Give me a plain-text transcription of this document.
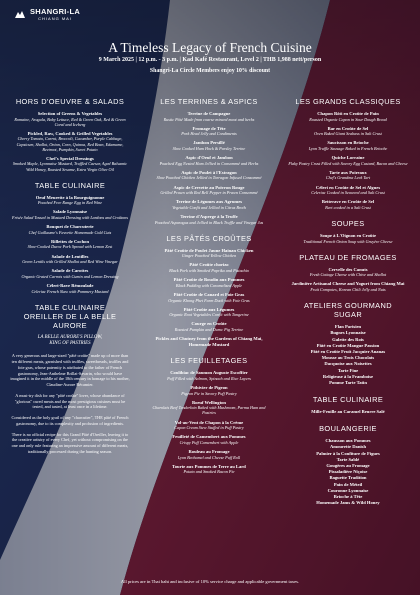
SHANGRI-LA
CHIANG MAI
A Timeless Legacy of French Cuisine
9 March 2025 | 12 p.m. - 3 p.m. | Kad Kafé Restaurant, Level 2 | THB 1,988 nett/person
Shangri-La Circle Members enjoy 10% discount
HORS D'OEUVRE & SALADS
Selection of Greens & Vegetables
Romaine, Arugula, Baby Lettuce, Red & Green Oak, Red & Green Coral and Iceberg
Pickled, Raw, Cooked & Grilled Vegetables
Cherry Tomato, Carrot, Broccoli, Cucumber, Purple Cabbage, Capsicum, Shallot, Onion, Corn, Quinoa, Red Bean, Edamame, Beetroot, Pumpkin, Sweet Potato
Chef's Special Dressings
Smoked Maple, Lyonnaise Mustard, Truffled Caesar, Aged Balsamic Wild Honey, Roasted Sesame, Extra Virgin Olive Oil
TABLE CULINAIRE
Oeuf Meurette à la Bourguignonne
Poached Free Range Egg in Red Wine
Salade Lyonnaise
Frisée Salad Tossed in Mustard Dressing with Lardons and Croûtons
Bouquet de Charcuterie
Chef Guillaume's Favorite Homemade Cold Cuts
Rillettes de Cochon
Slow-Cooked Duroc Pork Spread with Lemon Zest
Salade de Lentilles
Green Lentils with Grilled Shallot and Red Wine Vinegar
Salade de Carottes
Organic Grated Carrots with Cumin and Lemon Dressing
Céleri-Rave Rémoulade
Celeriac French Slaw with Pommery Mustard
TABLE CULINAIRE
OREILLER DE LA BELLE AURORE
LA BELLE AURORE'S PILLOW,
KING OF PASTRIES

A very generous and large-sized "pâté croûte" made up of more than ten different meats, garnished with truffles, sweetbreads, truffles and foie gras, whose paternity is attributed to the father of French gastronomy, Jean-Anthelme Brillat-Savarin, who would have imagined it in the middle of the 18th century in homage to his mother, Claudine-Aurore Récamier.

A must-try dish for any "pâté croûte" lover, whose abundance of "glorious" cured meats and the most prestigious cuisines must be tested, and tasted, at least once in a lifetime.

Considered as the holy grail of any "charcutier", THE pâté of French gastronomy, due to its complexity and profusion of ingredients.

There is no official recipe for this Grand Pâté d'Oreiller, leaving it to the creative artistry of every Chef, yet without compromising on the one and only rule featuring an impressive amount of different meats, traditionally processed during the hunting season.

LES TERRINES & ASPICS
Terrine de Campagne
Rustic Pâté Made from coarse minced meat and herbs
Fromage de Tête
Pork Head Jelly and Condiments
Jambon Persillé
Slow Cooked Ham Hock & Parsley Terrine
Aspic d'Oeuf et Jambon
Poached Egg Nested Ham Jellied in Consommé and Herbs
Aspic de Poulet à l'Estragon
Slow Poached Chicken Jellied in Tarragon Infused Consommé
Aspic de Crevette au Poivron Rouge
Grilled Prawn with Red Bell Pepper in Prawn Consommé
Terrine de Légumes aux Agrumes
Vegetable Confit and Jellied in Citrus Broth
Terrine d'Asperge à la Truffe
Poached Asparagus and Jellied in Black Truffle and Vinegar Jus
LES PÂTÉS CROÛTES
Pâté Croûte de Poulet Jaune Hainan Chicken
Ginger Poached Yellow Chicken
Pâté Croûte chorizo
Black Pork with Smoked Paprika and Pistachio
Pâté Croûte de Boudin aux Pommes
Black Pudding with Caramelized Apple
Pâté Croûte de Canard et Foie Gras
Organic Khong Phet Farm Duck with Foie Gras
Pâté Croûte aux Légumes
Organic Root Vegetables Confit with Tangerine
Courge en Croûte
Roasted Pumpkin and Duroc Pig Terrine
Pickles and Chutney from the Gardens of Chiang Mai, Homemade Mustard
LES FEUILLETAGES
Coulibiac de Saumon Auguste Escoffier
Puff Filled with Salmon, Spinach and Rice Layers
Pithivier de Pigeon
Pigeon Pie in Savory Puff Pastry
Boeuf Wellington
Charolais Beef Tenderloin Baked with Mushroom, Parma Ham and Pastries
Vol-au-Vent de Chapon à la Crème
Capon Cream Stew Stuffed in Puff Pastry
Feuilleté de Camembert aux Pommes
Crispy Puff Camembert with Apple
Rouleau au Fromage
Lyon Bechamel and Cheese Puff Roll
Tourte aux Pommes de Terre au Lard
Potato and Smoked Bacon Pie
LES GRANDS CLASSIQUES
Chapon Rôti en Croûte de Pain
Roasted Organic Capon in Sour Dough Bread
Bar en Croûte de Sel
Oven Baked Giant Seabass in Salt Crust
Saucisson en Brioche
Lyon Truffle Sausage Baked in French Brioche
Quiche Lorraine
Flaky Pastry Crust Filled with Savory Egg Custard, Bacon and Cheese
Tarte aux Poireaux
Chef's Grandma Leek Tart
Céleri en Croûte de Sel et Algues
Celeriac Cooked in Seaweed and Salt Crust
Betterave en Croûte de Sel
Beet cooked in a Salt Crust
SOUPES
Soupe à L'Oignon en Croûte
Traditional French Onion Soup with Gruyère Cheese
PLATEAU DE FROMAGES
Cervelle des Canuts
Fresh Cottage Cheese with Chive and Shallot
Jardinière Artisanal Cheese and Yogurt from Chiang Mai
Fruit Compotes, Korean Chili Jelly and Nuts
ATELIERS GOURMAND
SUGAR
Flan Parisien
Bugnes Lyonnaise
Galette des Rois
Pâté en Croûte Mangue Passion
Pâté en Croûte Fruit Jacquier Ananas
Mousse au Trois Chocolats
Dacquoise aux Noisettes
Tarte Fine
Religieuse à la Framboise
Pomme Tarte Tatin
TABLE CULINAIRE
Mille-Feuille au Caramel Beurre Salé
BOULANGERIE
Chausson aux Pommes
Amourette Danish
Palmier à la Confiture de Figues
Tarte Sablé
Gougères au Fromage
Pissaladière Niçoise
Baguette Tradition
Pain de Méteil
Couronne Lyonnaise
Brioche à Tête
Homemade Jams & Wild Honey
All prices are in Thai baht and inclusive of 10% service charge and applicable government taxes.
